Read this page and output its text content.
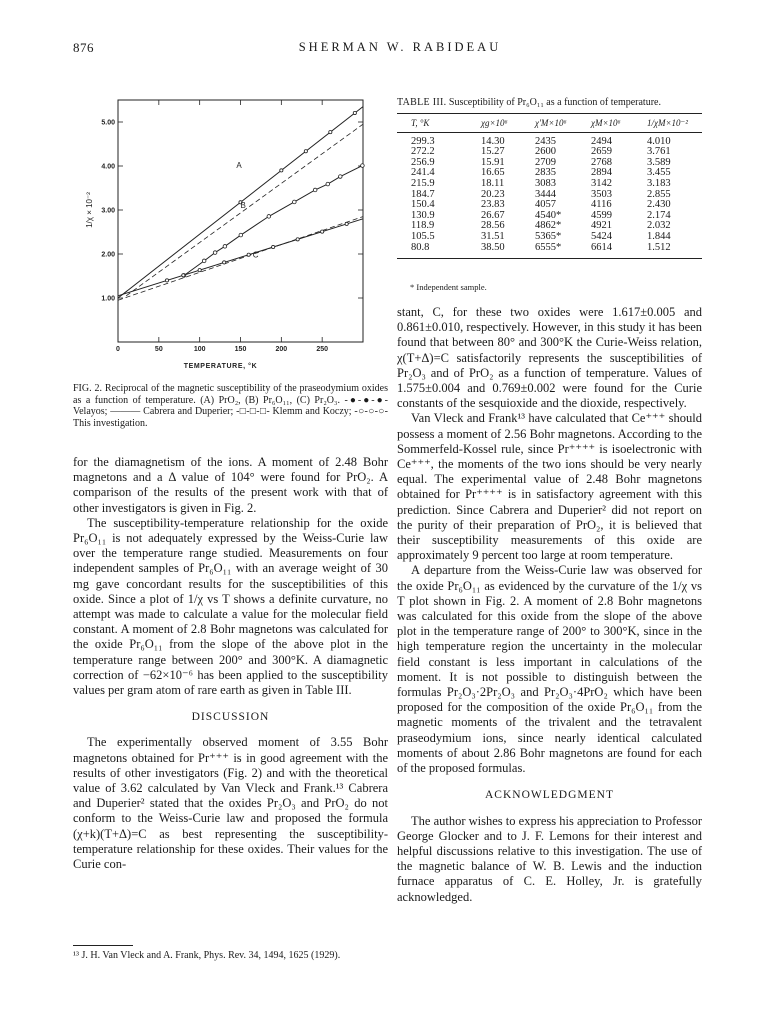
876	SHERMAN W. RABIDEAU
0	50	100	150	200	250
5.00
4.00
3.00
2.00
1.00
TEMPERATURE, °K
1/χ × 10⁻²
A
B
C
FIG. 2. Reciprocal of the magnetic susceptibility of the praseodymium oxides as a function of temperature. (A) PrO₂, (B) Pr₆O₁₁, (C) Pr₂O₃. -●-●-●- Velayos; ——— Cabrera and Duperier; -□-□-□- Klemm and Koczy; -○-○-○- This investigation.
TABLE III. Susceptibility of Pr₆O₁₁ as a function of temperature.
T, °K	χg×10⁶	χ′M×10⁶	χM×10⁶	1/χM×10⁻²
299.3	14.30	2435	2494	4.010
272.2	15.27	2600	2659	3.761
256.9	15.91	2709	2768	3.589
241.4	16.65	2835	2894	3.455
215.9	18.11	3083	3142	3.183
184.7	20.23	3444	3503	2.855
150.4	23.83	4057	4116	2.430
130.9	26.67	4540*	4599	2.174
118.9	28.56	4862*	4921	2.032
105.5	31.51	5365*	5424	1.844
80.8	38.50	6555*	6614	1.512
* Independent sample.

for the diamagnetism of the ions. A moment of 2.48 Bohr magnetons and a Δ value of 104° were found for PrO₂. A comparison of the results of the present work with that of other investigators is given in Fig. 2.

The susceptibility-temperature relationship for the oxide Pr₆O₁₁ is not adequately expressed by the Weiss-Curie law over the temperature range studied. Measurements on four independent samples of Pr₆O₁₁ with an average weight of 30 mg gave concordant results for the susceptibilities of this oxide. Since a plot of 1/χ vs T shows a definite curvature, no attempt was made to calculate a value for the molecular field constant. A moment of 2.8 Bohr magnetons was calculated for the oxide Pr₆O₁₁ from the slope of the above plot in the temperature range between 200° and 300°K. A diamagnetic correction of −62×10⁻⁶ has been applied to the susceptibility values per gram atom of rare earth as given in Table III.

DISCUSSION

The experimentally observed moment of 3.55 Bohr magnetons obtained for Pr⁺⁺⁺ is in good agreement with the results of other investigators (Fig. 2) and with the theoretical value of 3.62 calculated by Van Vleck and Frank.¹³ Cabrera and Duperier² stated that the oxides Pr₂O₃ and PrO₂ do not conform to the Weiss-Curie law and proposed the formula (χ+k)(T+Δ)=C as best representing the susceptibility-temperature relationship for these oxides. Their values for the Curie con-

¹³ J. H. Van Vleck and A. Frank, Phys. Rev. 34, 1494, 1625 (1929).

stant, C, for these two oxides were 1.617±0.005 and 0.861±0.010, respectively. However, in this study it has been found that between 80° and 300°K the Curie-Weiss relation, χ(T+Δ)=C satisfactorily represents the susceptibilities of Pr₂O₃ and of PrO₂ as a function of temperature. Values of 1.575±0.004 and 0.769±0.002 were found for the Curie constants of the sesquioxide and the dioxide, respectively.

Van Vleck and Frank¹³ have calculated that Ce⁺⁺⁺ should possess a moment of 2.56 Bohr magnetons. According to the Sommerfeld-Kossel rule, since Pr⁺⁺⁺⁺ is isoelectronic with Ce⁺⁺⁺, the moments of the two ions should be very nearly equal. The experimental value of 2.48 Bohr magnetons obtained for Pr⁺⁺⁺⁺ is in satisfactory agreement with this prediction. Since Cabrera and Duperier² did not report on the purity of their preparation of PrO₂, it is believed that their susceptibility measurements of this oxide are approximately 9 percent too large at room temperature.

A departure from the Weiss-Curie law was observed for the oxide Pr₆O₁₁ as evidenced by the curvature of the 1/χ vs T plot shown in Fig. 2. A moment of 2.8 Bohr magnetons was calculated for this oxide from the slope of the above plot in the temperature range of 200° to 300°K, since in the high temperature region the uncertainty in the molecular field constant is less important in calculations of the moment. It is not possible to distinguish between the formulas Pr₂O₃·2Pr₂O₃ and Pr₂O₃·4PrO₂ which have been proposed for the composition of the oxide Pr₆O₁₁ from the magnetic moments of the trivalent and the tetravalent praseodymium ions, since nearly identical calculated moments of about 2.86 Bohr magnetons are found for each of the proposed formulas.

ACKNOWLEDGMENT

The author wishes to express his appreciation to Professor George Glocker and to J. F. Lemons for their interest and helpful discussions relative to this investigation. The use of the magnetic balance of W. B. Lewis and the induction furnace apparatus of C. E. Holley, Jr. is gratefully acknowledged.
